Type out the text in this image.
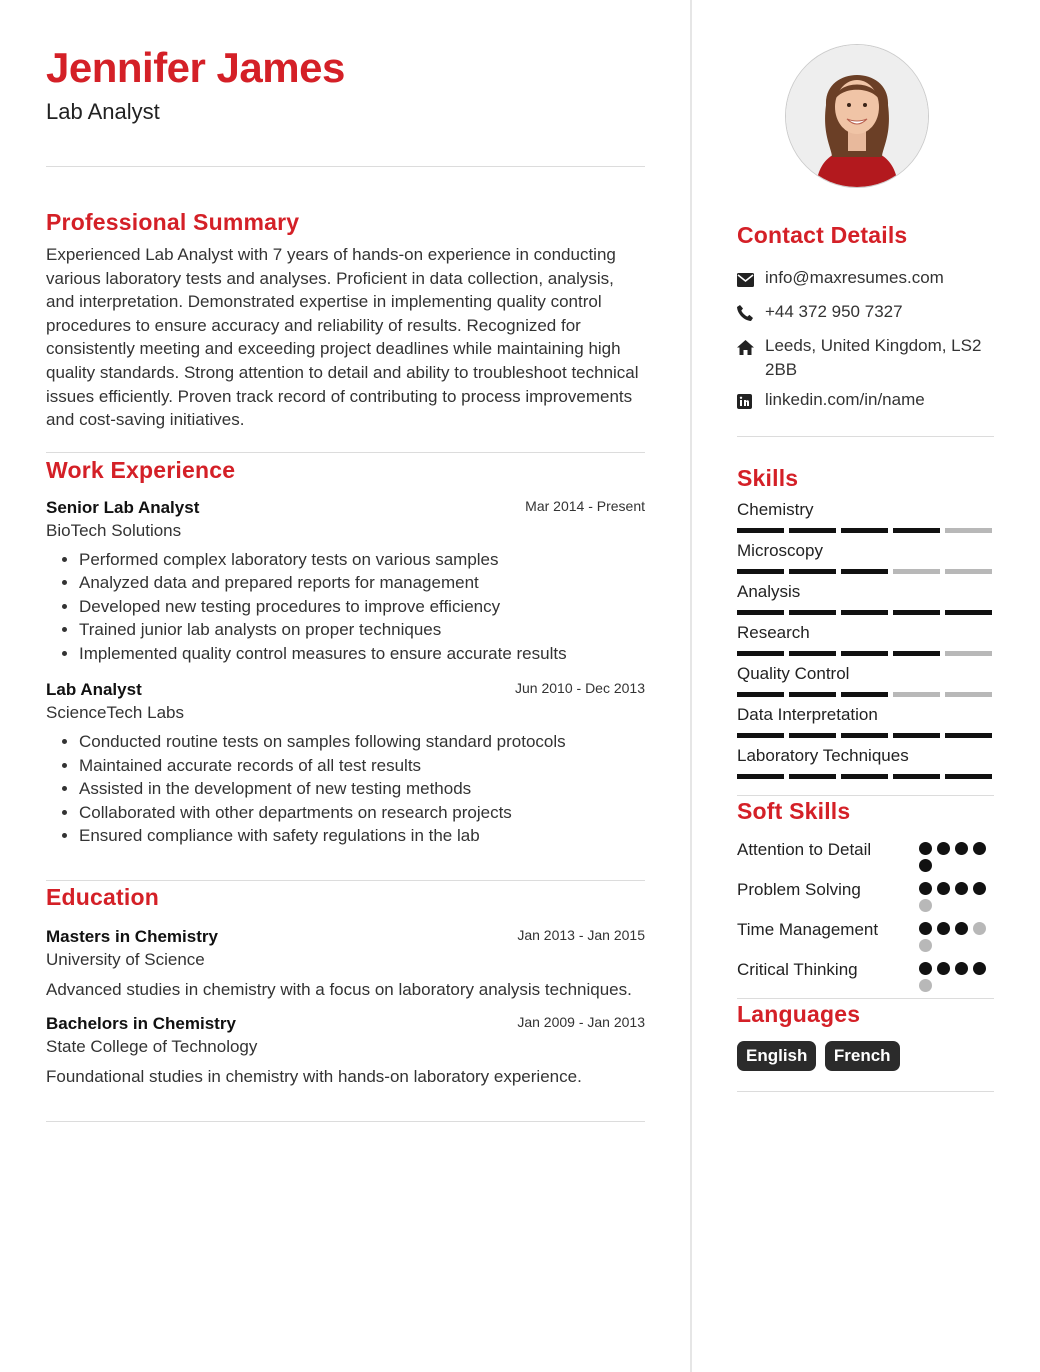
Jennifer James
Lab Analyst
Professional Summary
Experienced Lab Analyst with 7 years of hands-on experience in conducting various laboratory tests and analyses. Proficient in data collection, analysis, and interpretation. Demonstrated expertise in implementing quality control procedures to ensure accuracy and reliability of results. Recognized for consistently meeting and exceeding project deadlines while maintaining high quality standards. Strong attention to detail and ability to troubleshoot technical issues efficiently. Proven track record of contributing to process improvements and cost-saving initiatives.
Work Experience
Senior Lab Analyst	Mar 2014 - Present
BioTech Solutions
• Performed complex laboratory tests on various samples
• Analyzed data and prepared reports for management
• Developed new testing procedures to improve efficiency
• Trained junior lab analysts on proper techniques
• Implemented quality control measures to ensure accurate results
Lab Analyst	Jun 2010 - Dec 2013
ScienceTech Labs
• Conducted routine tests on samples following standard protocols
• Maintained accurate records of all test results
• Assisted in the development of new testing methods
• Collaborated with other departments on research projects
• Ensured compliance with safety regulations in the lab
Education
Masters in Chemistry	Jan 2013 - Jan 2015
University of Science
Advanced studies in chemistry with a focus on laboratory analysis techniques.
Bachelors in Chemistry	Jan 2009 - Jan 2013
State College of Technology
Foundational studies in chemistry with hands-on laboratory experience.
Contact Details
info@maxresumes.com
+44 372 950 7327
Leeds, United Kingdom, LS2 2BB
linkedin.com/in/name
Skills
Chemistry
Microscopy
Analysis
Research
Quality Control
Data Interpretation
Laboratory Techniques
Soft Skills
Attention to Detail
Problem Solving
Time Management
Critical Thinking
Languages
English French
